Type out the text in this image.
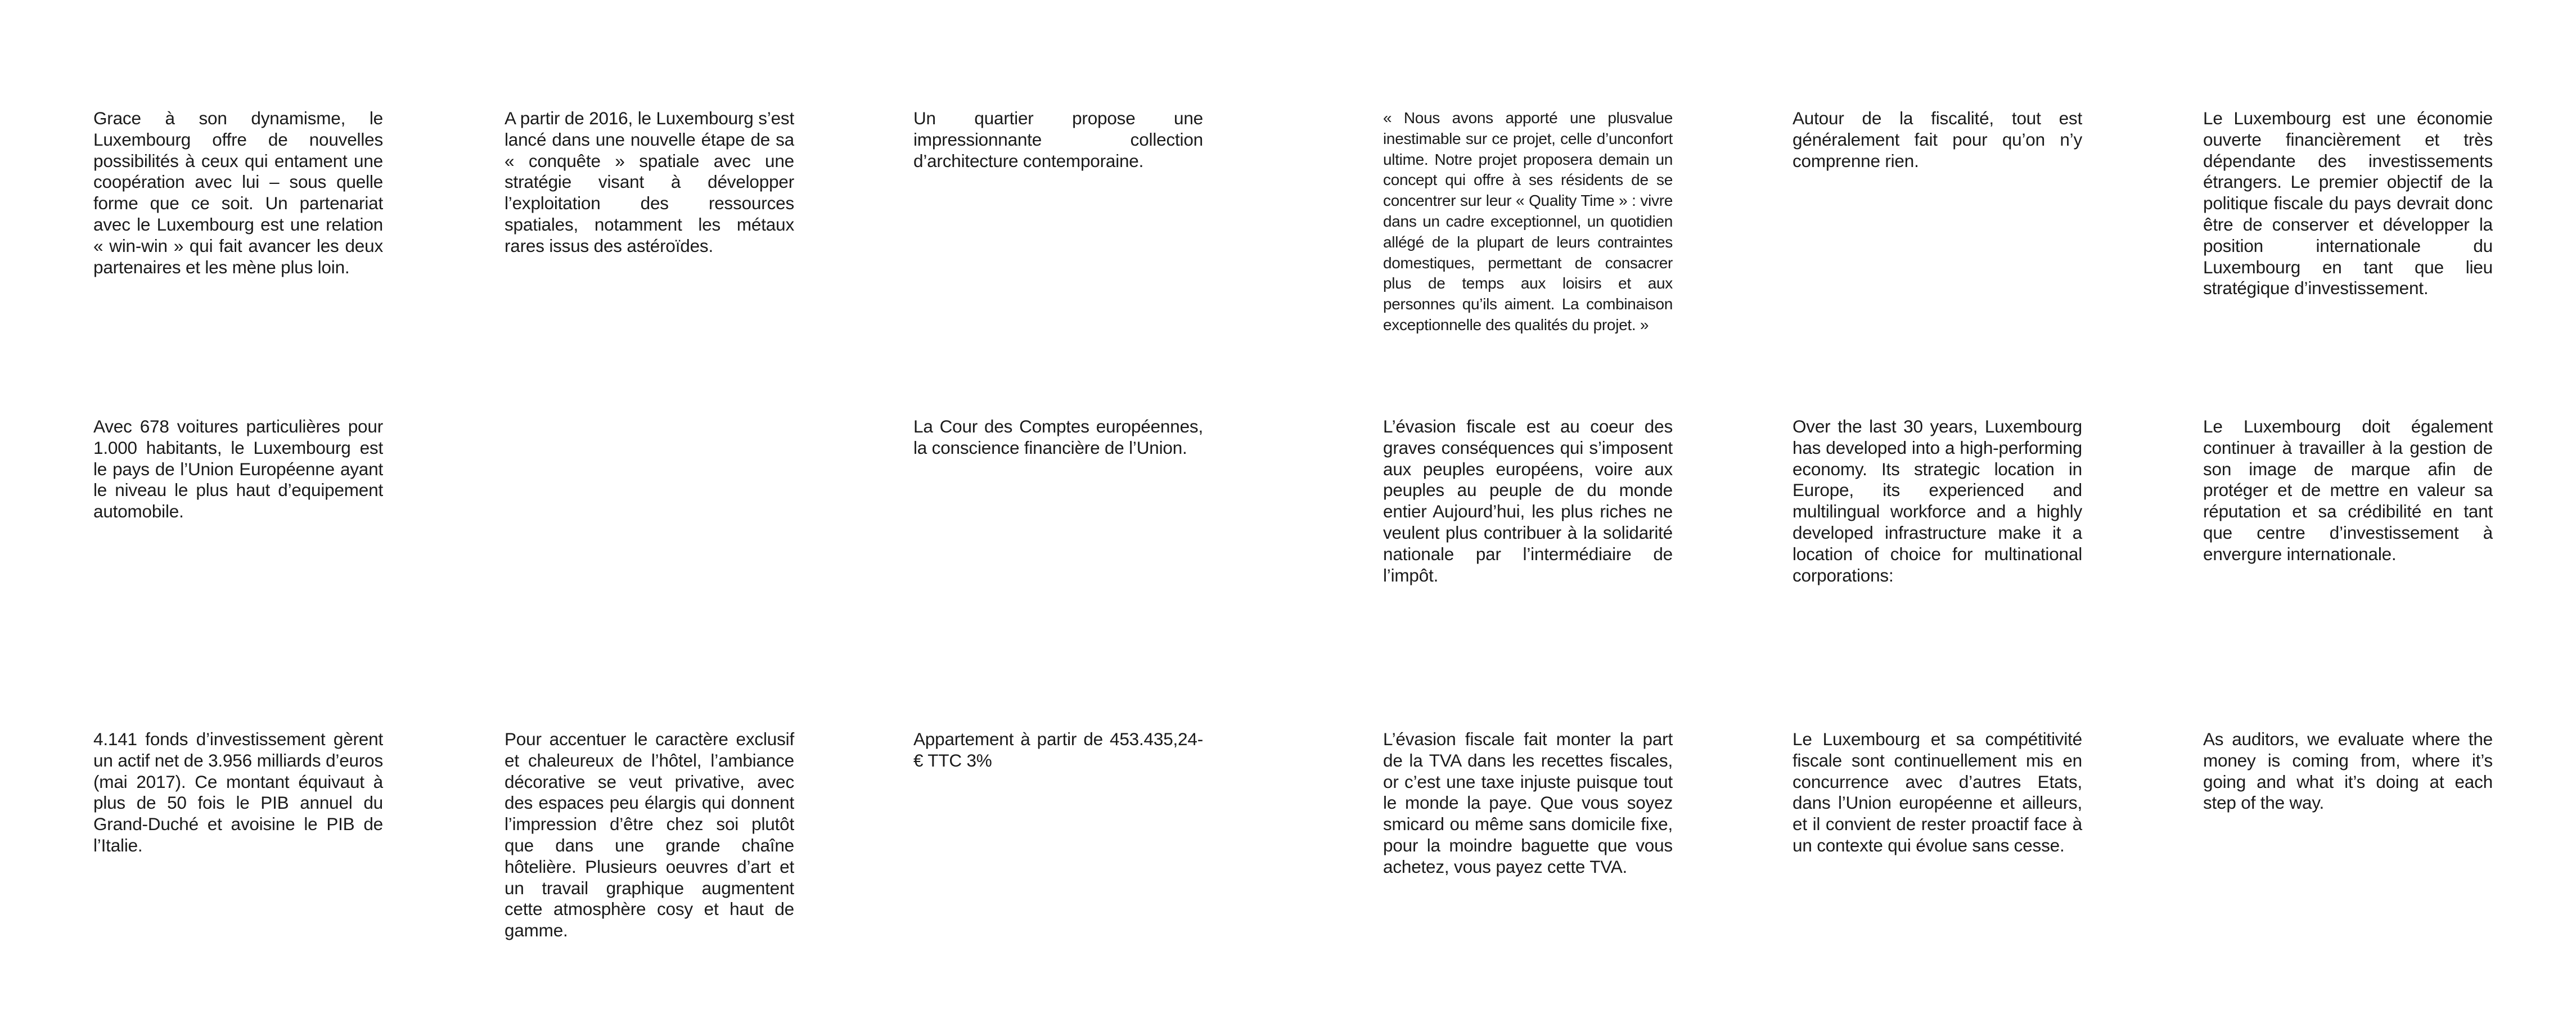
Grace à son dynamisme, le Luxembourg offre de nouvelles possibilités à ceux qui entament une coopération avec lui – sous quelle forme que ce soit. Un partenariat avec le Luxembourg est une relation « win-win » qui fait avancer les deux partenaires et les mène plus loin.

A partir de 2016, le Luxembourg s’est lancé dans une nouvelle étape de sa « conquête » spatiale avec une stratégie visant à développer l’exploitation des ressources spatiales, notamment les métaux rares issus des astéroïdes.

Un quartier propose une impressionnante collection d’architecture contemporaine.

« Nous avons apporté une plusvalue inestimable sur ce projet, celle d’unconfort ultime. Notre projet proposera demain un concept qui offre à ses résidents de se concentrer sur leur « Quality Time » : vivre dans un cadre exceptionnel, un quotidien allégé de la plupart de leurs contraintes domestiques, permettant de consacrer plus de temps aux loisirs et aux personnes qu’ils aiment. La combinaison exceptionnelle des qualités du projet. »

Autour de la fiscalité, tout est généralement fait pour qu’on n’y comprenne rien.

Le Luxembourg est une économie ouverte financièrement et très dépendante des investissements étrangers. Le premier objectif de la politique fiscale du pays devrait donc être de conserver et développer la position internationale du Luxembourg en tant que lieu stratégique d’investissement.

Avec 678 voitures particulières pour 1.000 habitants, le Luxembourg est le pays de l’Union Européenne ayant le niveau le plus haut d’equipement automobile.

La Cour des Comptes européennes, la conscience financière de l’Union.

L’évasion fiscale est au coeur des graves conséquences qui s’imposent aux peuples européens, voire aux peuples au peuple de du monde entier Aujourd’hui, les plus riches ne veulent plus contribuer à la solidarité nationale par l’intermédiaire de l’impôt.

Over the last 30 years, Luxembourg has developed into a high-performing economy. Its strategic location in Europe, its experienced and multilingual workforce and a highly developed infrastructure make it a location of choice for multinational corporations:

Le Luxembourg doit également continuer à travailler à la gestion de son image de marque afin de protéger et de mettre en valeur sa réputation et sa crédibilité en tant que centre d’investissement à envergure internationale.

4.141 fonds d’investissement gèrent un actif net de 3.956 milliards d’euros (mai 2017). Ce montant équivaut à plus de 50 fois le PIB annuel du Grand-Duché et avoisine le PIB de l’Italie.

Pour accentuer le caractère exclusif et chaleureux de l’hôtel, l’ambiance décorative se veut privative, avec des espaces peu élargis qui donnent l’impression d’être chez soi plutôt que dans une grande chaîne hôtelière. Plusieurs oeuvres d’art et un travail graphique augmentent cette atmosphère cosy et haut de gamme.

Appartement à partir de 453.435,24-€ TTC 3%

L’évasion fiscale fait monter la part de la TVA dans les recettes fiscales, or c’est une taxe injuste puisque tout le monde la paye. Que vous soyez smicard ou même sans domicile fixe, pour la moindre baguette que vous achetez, vous payez cette TVA.

Le Luxembourg et sa compétitivité fiscale sont continuellement mis en concurrence avec d’autres Etats, dans l’Union européenne et ailleurs, et il convient de rester proactif face à un contexte qui évolue sans cesse.

As auditors, we evaluate where the money is coming from, where it’s going and what it’s doing at each step of the way.
